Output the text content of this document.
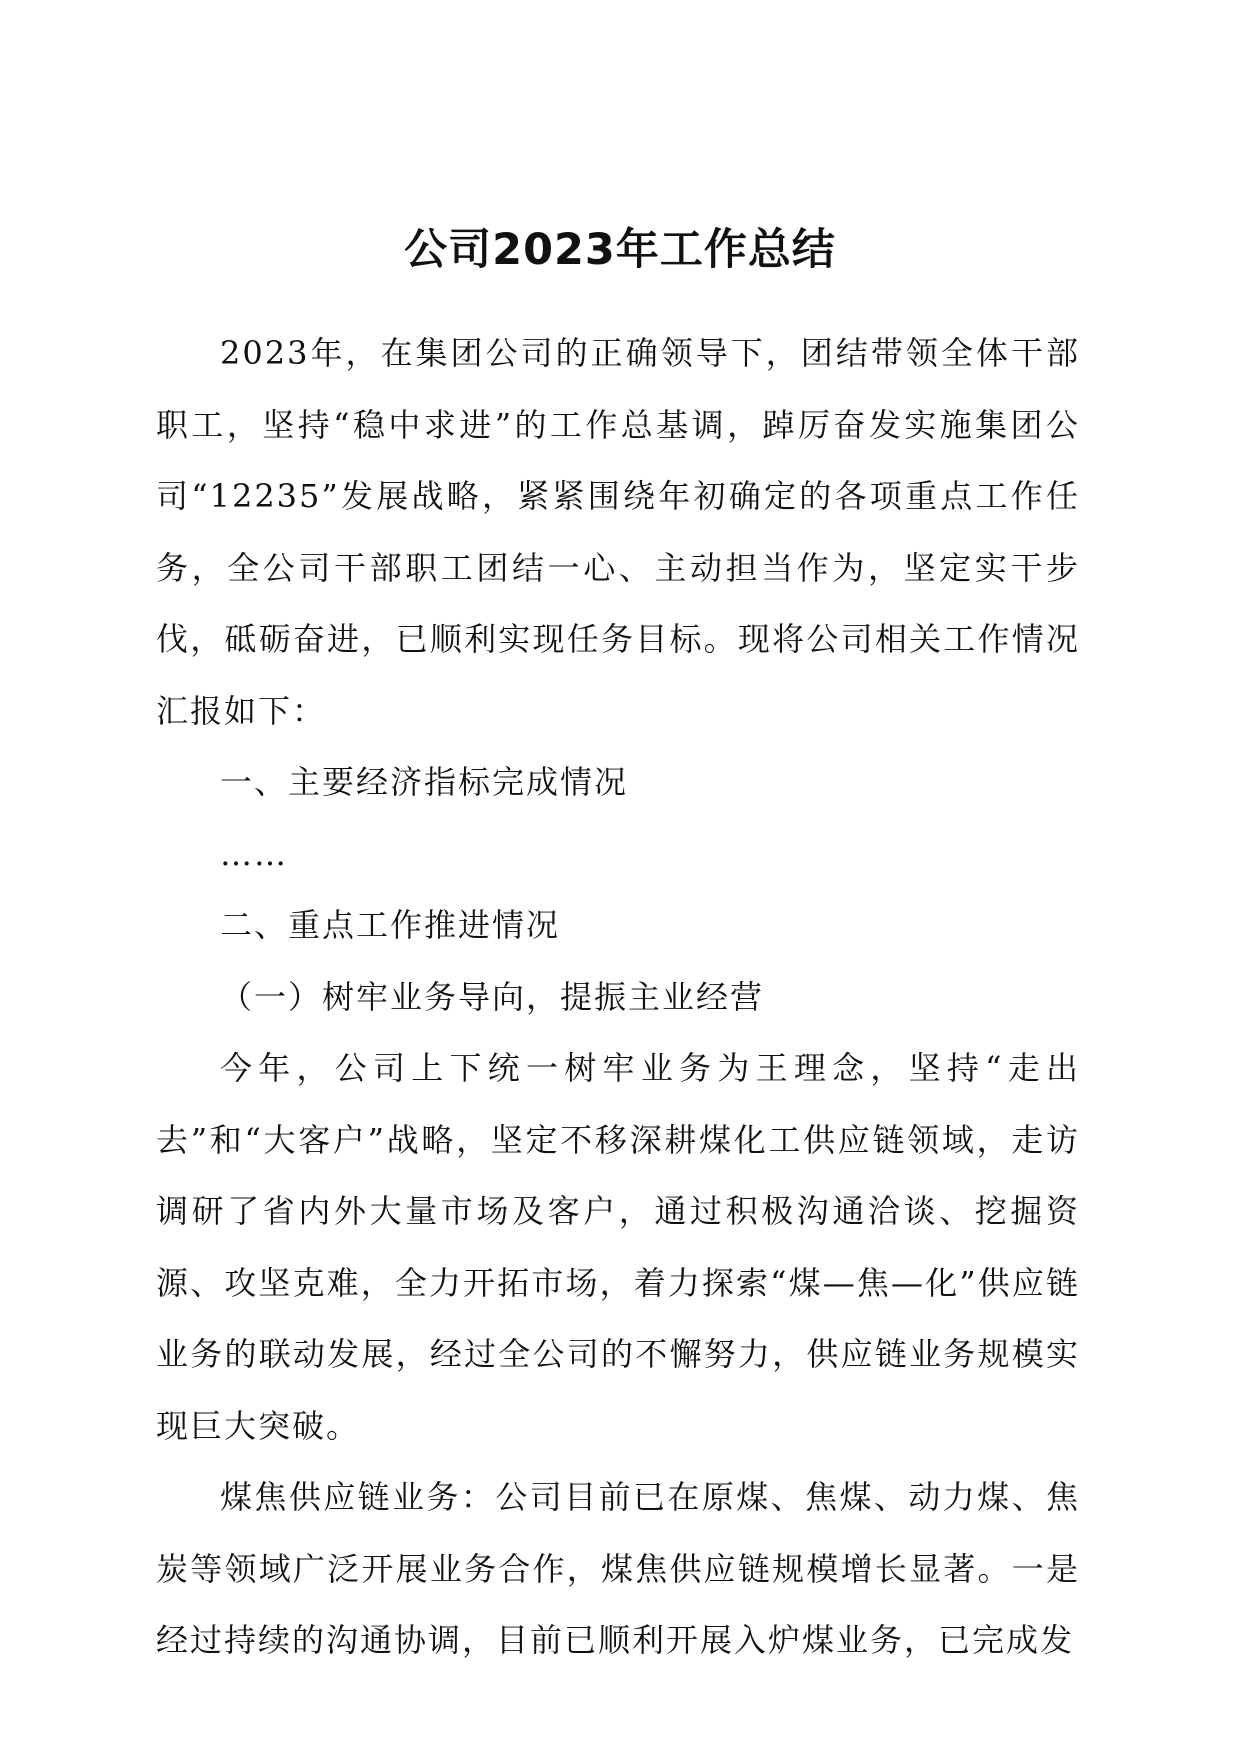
公司2023年工作总结

2023年，在集团公司的正确领导下，团结带领全体干部职工，坚持“稳中求进”的工作总基调，踔厉奋发实施集团公司“12235”发展战略，紧紧围绕年初确定的各项重点工作任务，全公司干部职工团结一心、主动担当作为，坚定实干步伐，砥砺奋进，已顺利实现任务目标。现将公司相关工作情况汇报如下：

一、主要经济指标完成情况

……

二、重点工作推进情况

（一）树牢业务导向，提振主业经营

今年，公司上下统一树牢业务为王理念，坚持“走出去”和“大客户”战略，坚定不移深耕煤化工供应链领域，走访调研了省内外大量市场及客户，通过积极沟通洽谈、挖掘资源、攻坚克难，全力开拓市场，着力探索“煤—焦—化”供应链业务的联动发展，经过全公司的不懈努力，供应链业务规模实现巨大突破。

煤焦供应链业务：公司目前已在原煤、焦煤、动力煤、焦炭等领域广泛开展业务合作，煤焦供应链规模增长显著。一是经过持续的沟通协调，目前已顺利开展入炉煤业务，已完成发
